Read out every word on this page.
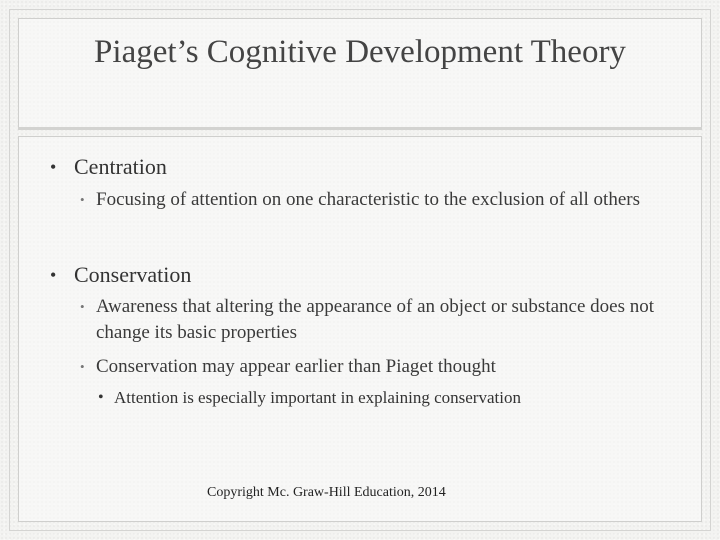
Piaget’s Cognitive Development Theory
• Centration
• Focusing of attention on one characteristic to the exclusion of all others
• Conservation
• Awareness that altering the appearance of an object or substance does not change its basic properties
• Conservation may appear earlier than Piaget thought
• Attention is especially important in explaining conservation
Copyright Mc. Graw-Hill Education, 2014
